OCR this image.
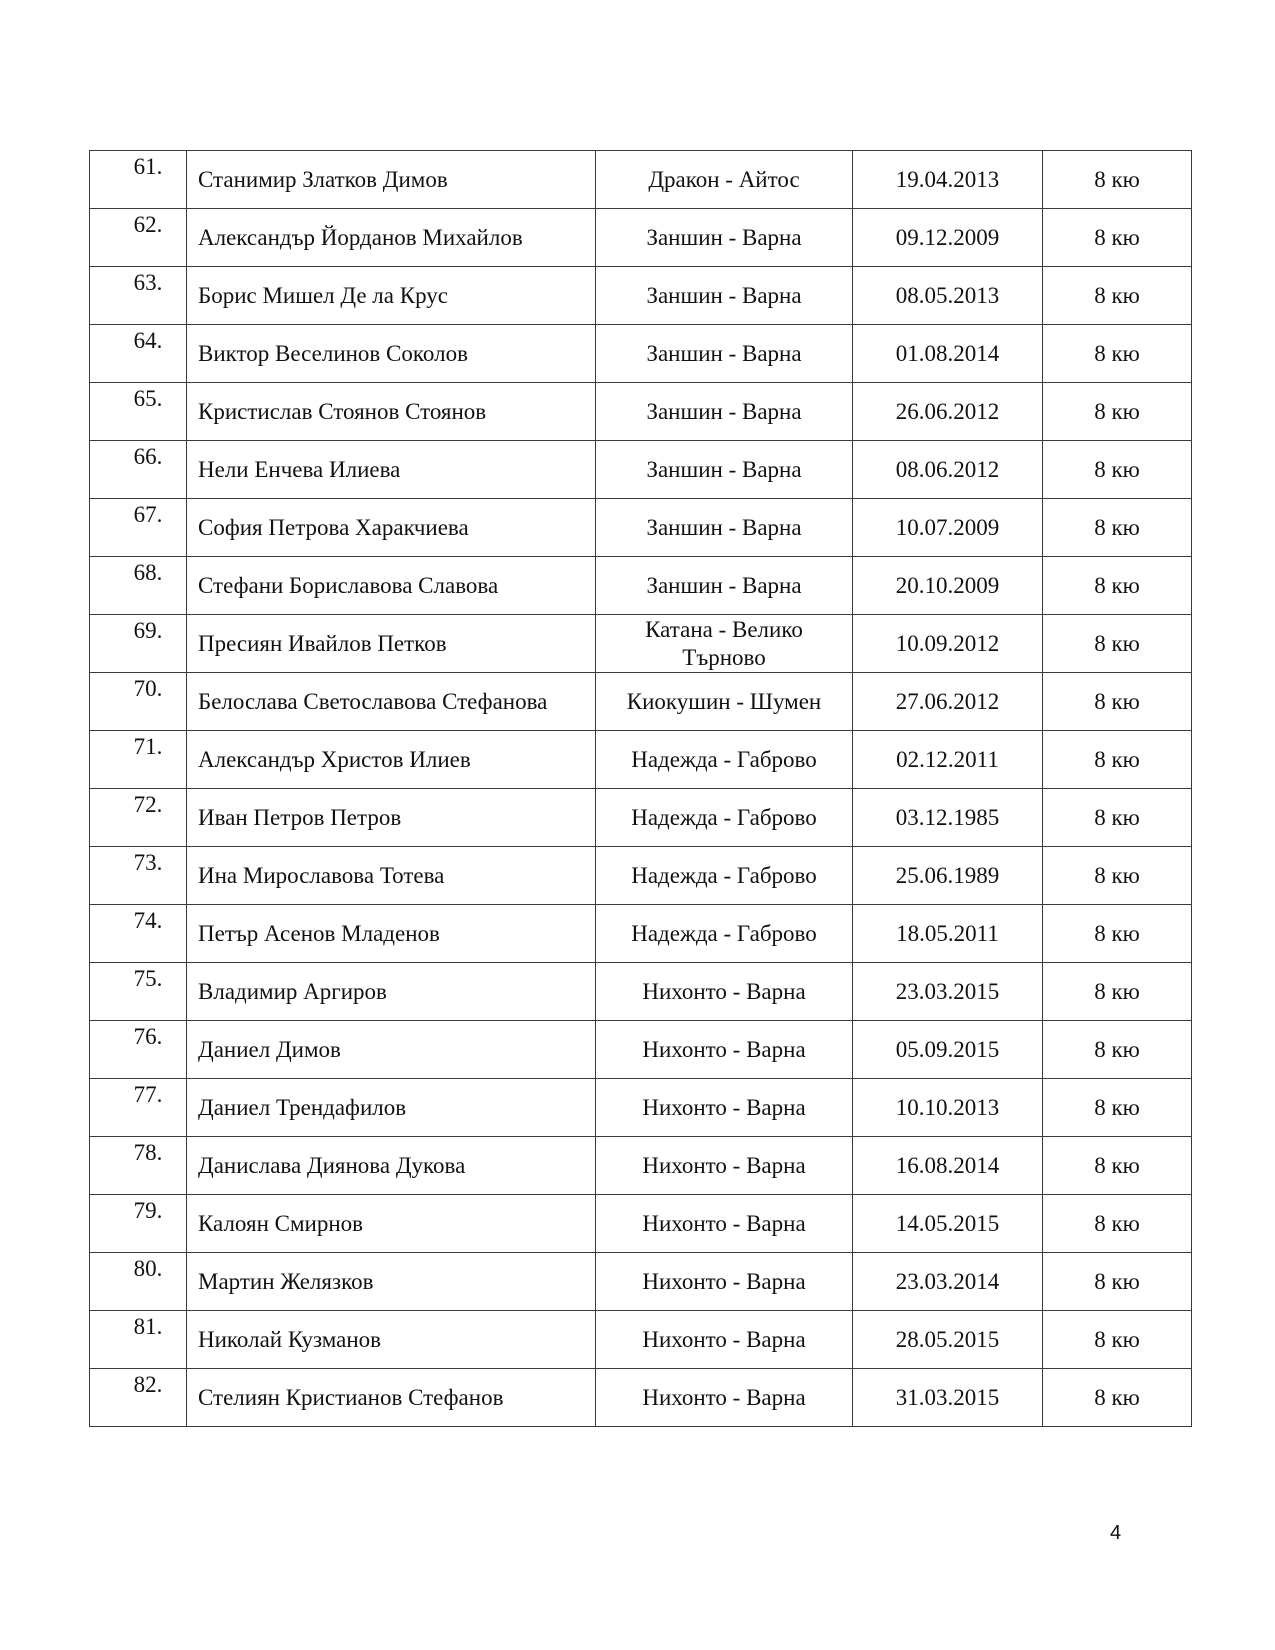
61.	Станимир Златков Димов	Дракон - Айтос	19.04.2013	8 кю
62.	Александър Йорданов Михайлов	Заншин - Варна	09.12.2009	8 кю
63.	Борис Мишел Де ла Крус	Заншин - Варна	08.05.2013	8 кю
64.	Виктор Веселинов Соколов	Заншин - Варна	01.08.2014	8 кю
65.	Кристислав Стоянов Стоянов	Заншин - Варна	26.06.2012	8 кю
66.	Нели Енчева Илиева	Заншин - Варна	08.06.2012	8 кю
67.	София Петрова Харакчиева	Заншин - Варна	10.07.2009	8 кю
68.	Стефани Бориславова Славова	Заншин - Варна	20.10.2009	8 кю
69.	Пресиян Ивайлов Петков	Катана - Велико Търново	10.09.2012	8 кю
70.	Белослава Светославова Стефанова	Киокушин - Шумен	27.06.2012	8 кю
71.	Александър Христов Илиев	Надежда - Габрово	02.12.2011	8 кю
72.	Иван Петров Петров	Надежда - Габрово	03.12.1985	8 кю
73.	Ина Мирославова Тотева	Надежда - Габрово	25.06.1989	8 кю
74.	Петър Асенов Младенов	Надежда - Габрово	18.05.2011	8 кю
75.	Владимир Аргиров	Нихонто - Варна	23.03.2015	8 кю
76.	Даниел Димов	Нихонто - Варна	05.09.2015	8 кю
77.	Даниел Трендафилов	Нихонто - Варна	10.10.2013	8 кю
78.	Данислава Диянова Дукова	Нихонто - Варна	16.08.2014	8 кю
79.	Калоян Смирнов	Нихонто - Варна	14.05.2015	8 кю
80.	Мартин Желязков	Нихонто - Варна	23.03.2014	8 кю
81.	Николай Кузманов	Нихонто - Варна	28.05.2015	8 кю
82.	Стелиян Кристианов Стефанов	Нихонто - Варна	31.03.2015	8 кю
4
